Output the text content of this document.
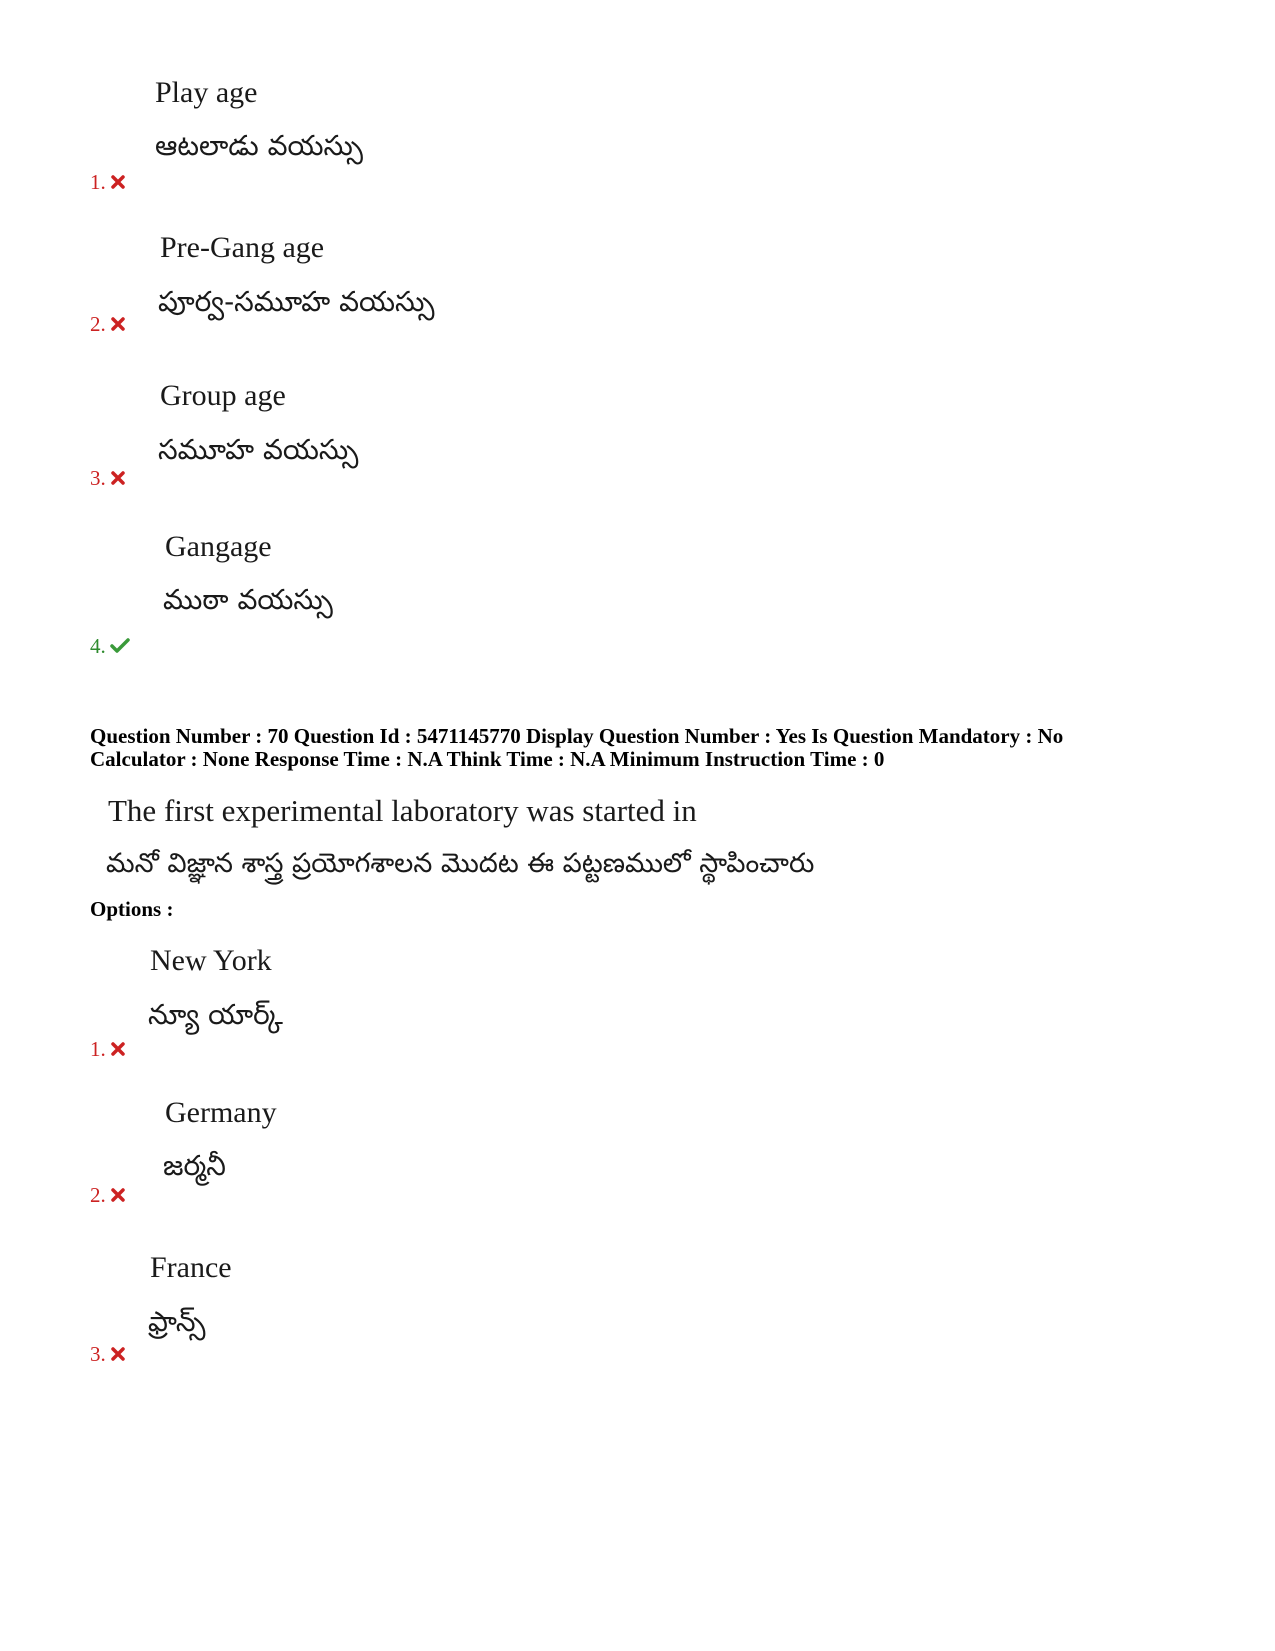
Play age
ఆటలాడు వయస్సు
1.
Pre-Gang age
పూర్వ-సమూహ వయస్సు
2.
Group age
సమూహ వయస్సు
3.
Gangage
ముఠా వయస్సు
4.
Question Number : 70 Question Id : 5471145770 Display Question Number : Yes Is Question Mandatory : No
Calculator : None Response Time : N.A Think Time : N.A Minimum Instruction Time : 0
The first experimental laboratory was started in
మనో విజ్ఞాన శాస్త్ర ప్రయోగశాలన మొదట ఈ పట్టణములో స్థాపించారు
Options :
New York
న్యూ యార్క్
1.
Germany
జర్మనీ
2.
France
ఫ్రాన్స్
3.
